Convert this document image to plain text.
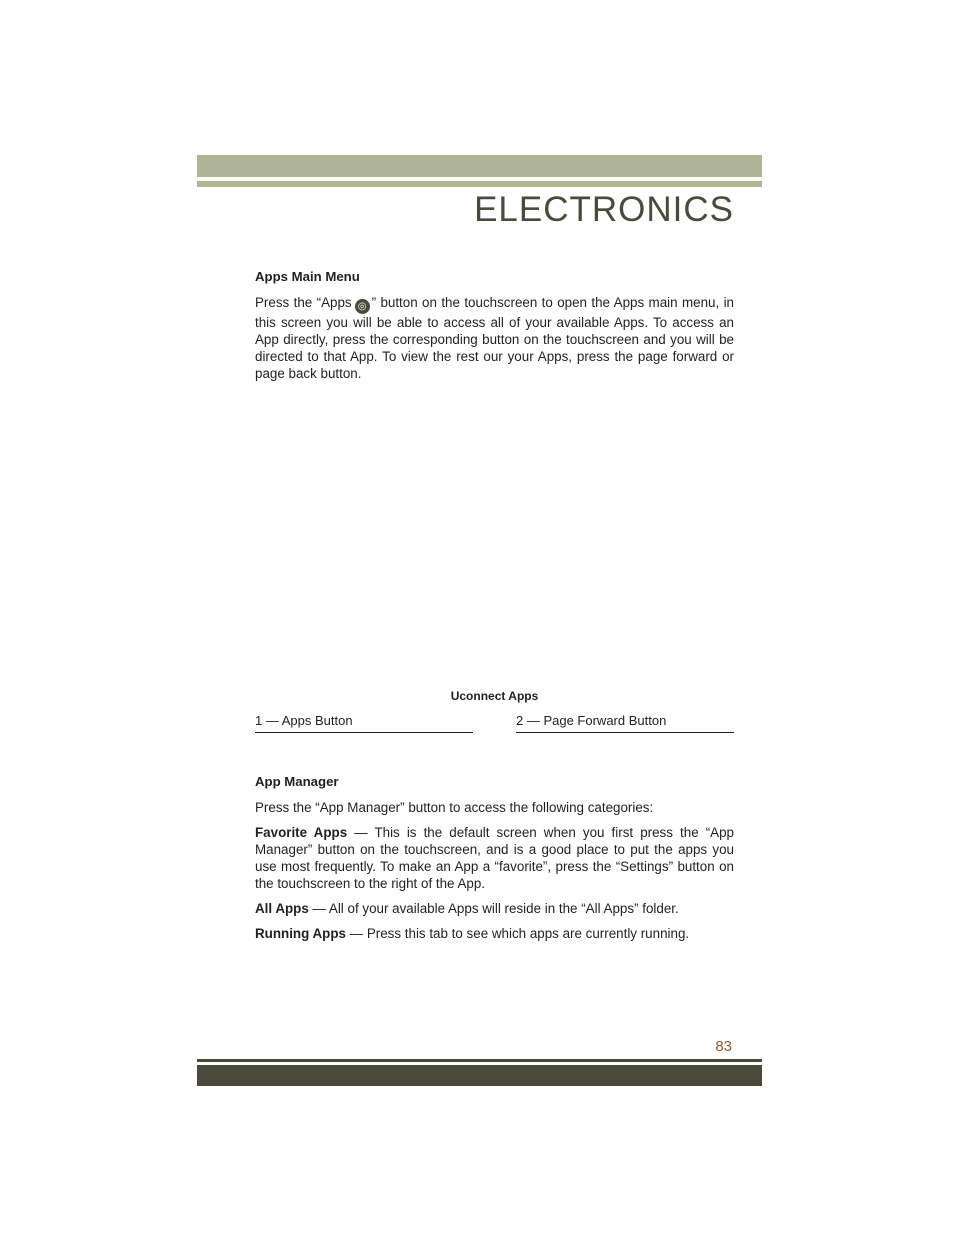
ELECTRONICS

Apps Main Menu

Press the “Apps ◎ ” button on the touchscreen to open the Apps main menu, in this screen you will be able to access all of your available Apps. To access an App directly, press the corresponding button on the touchscreen and you will be directed to that App. To view the rest our your Apps, press the page forward or page back button.

Uconnect Apps
1 — Apps Button	2 — Page Forward Button

App Manager

Press the “App Manager” button to access the following categories:

Favorite Apps — This is the default screen when you first press the “App Manager” button on the touchscreen, and is a good place to put the apps you use most frequently. To make an App a “favorite”, press the “Settings” button on the touchscreen to the right of the App.

All Apps — All of your available Apps will reside in the “All Apps” folder.

Running Apps — Press this tab to see which apps are currently running.

83
